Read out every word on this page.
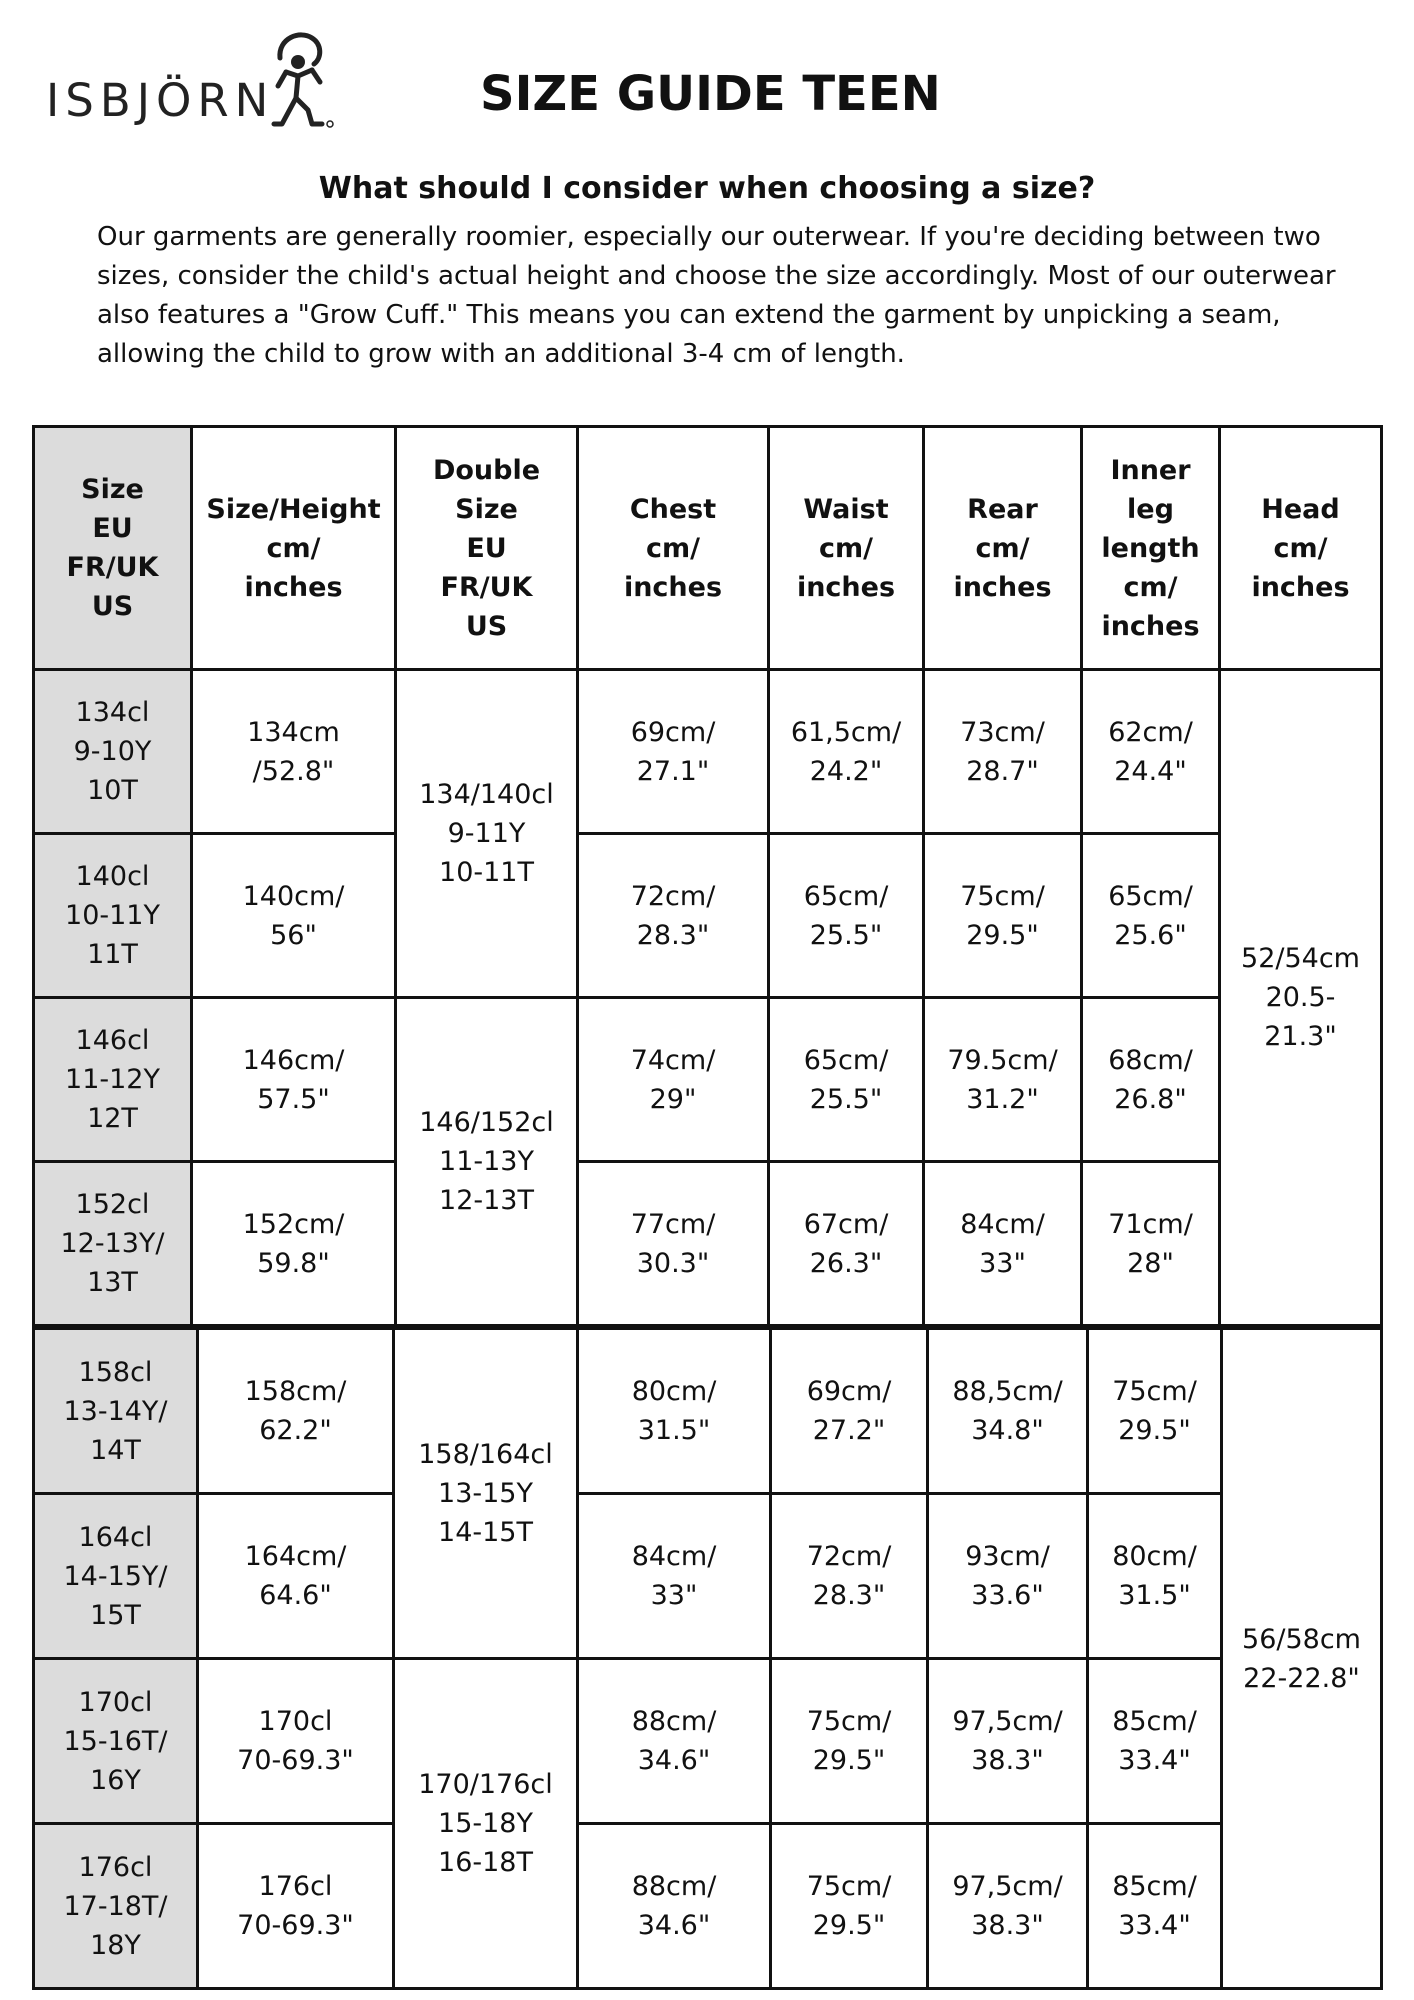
ISBJÖRN	SIZE GUIDE TEEN
What should I consider when choosing a size?
Our garments are generally roomier, especially our outerwear. If you're deciding between two
sizes, consider the child's actual height and choose the size accordingly. Most of our outerwear
also features a "Grow Cuff." This means you can extend the garment by unpicking a seam,
allowing the child to grow with an additional 3-4 cm of length.
Size
EU
FR/UK
US	Size/Height
cm/
inches	Double
Size
EU
FR/UK
US	Chest
cm/
inches	Waist
cm/
inches	Rear
cm/
inches	Inner
leg
length
cm/
inches	Head
cm/
inches

134cl
9-10Y
10T	134cm
/52.8"	134/140cl
9-11Y
10-11T	69cm/
27.1"	61,5cm/
24.2"	73cm/
28.7"	62cm/
24.4"	52/54cm
20.5-
21.3"

140cl
10-11Y
11T	140cm/
56"		72cm/
28.3"	65cm/
25.5"	75cm/
29.5"	65cm/
25.6"	

146cl
11-12Y
12T	146cm/
57.5"	146/152cl
11-13Y
12-13T	74cm/
29"	65cm/
25.5"	79.5cm/
31.2"	68cm/
26.8"	

152cl
12-13Y/
13T	152cm/
59.8"		77cm/
30.3"	67cm/
26.3"	84cm/
33"	71cm/
28"	
158cl
13-14Y/
14T	158cm/
62.2"	158/164cl
13-15Y
14-15T	80cm/
31.5"	69cm/
27.2"	88,5cm/
34.8"	75cm/
29.5"	56/58cm
22-22.8"

164cl
14-15Y/
15T	164cm/
64.6"		84cm/
33"	72cm/
28.3"	93cm/
33.6"	80cm/
31.5"	

170cl
15-16T/
16Y	170cl
70-69.3"	170/176cl
15-18Y
16-18T	88cm/
34.6"	75cm/
29.5"	97,5cm/
38.3"	85cm/
33.4"	

176cl
17-18T/
18Y	176cl
70-69.3"		88cm/
34.6"	75cm/
29.5"	97,5cm/
38.3"	85cm/
33.4"	
